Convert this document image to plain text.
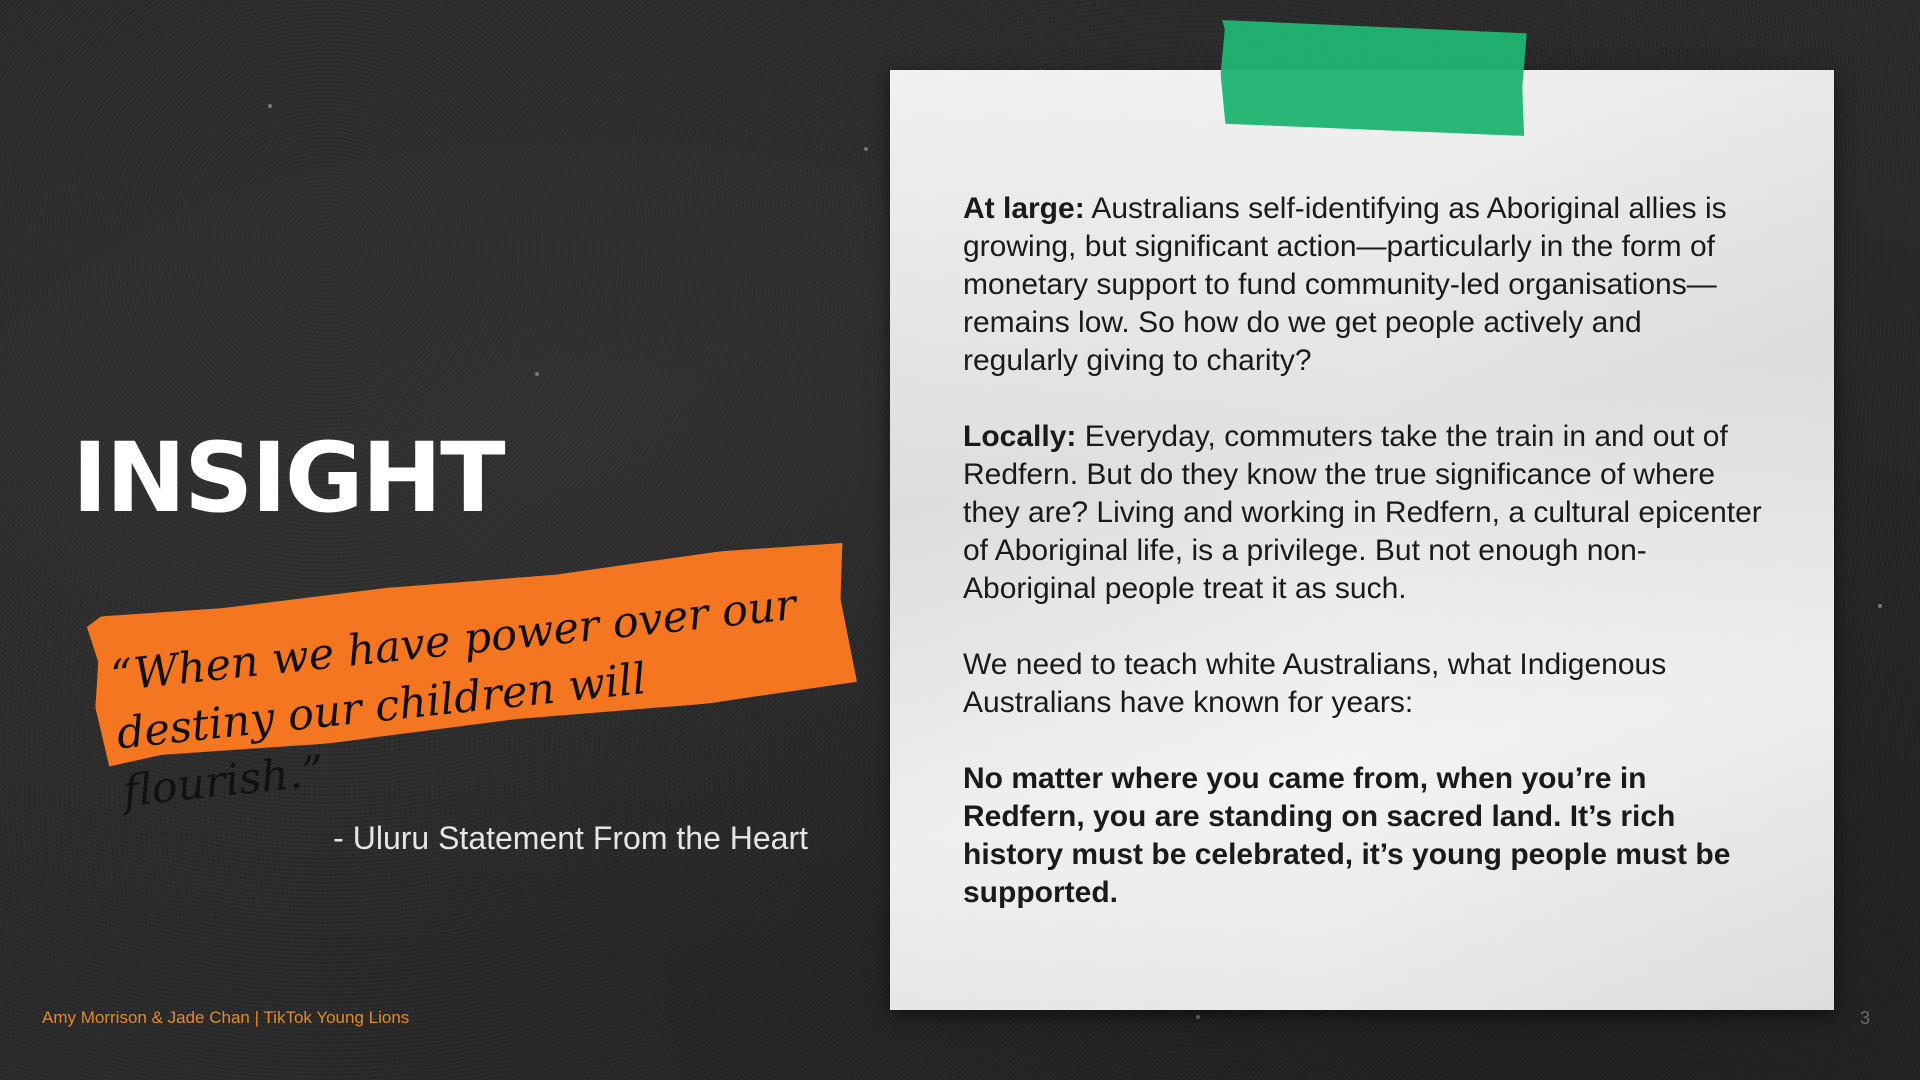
INSIGHT

“When we have power over our destiny our children will flourish.”

- Uluru Statement From the Heart

At large: Australians self-identifying as Aboriginal allies is growing, but significant action—particularly in the form of monetary support to fund community-led organisations—remains low. So how do we get people actively and regularly giving to charity?

Locally: Everyday, commuters take the train in and out of Redfern. But do they know the true significance of where they are? Living and working in Redfern, a cultural epicenter of Aboriginal life, is a privilege. But not enough non-Aboriginal people treat it as such.

We need to teach white Australians, what Indigenous Australians have known for years:

No matter where you came from, when you’re in Redfern, you are standing on sacred land. It’s rich history must be celebrated, it’s young people must be supported.

Amy Morrison & Jade Chan | TikTok Young Lions	3
